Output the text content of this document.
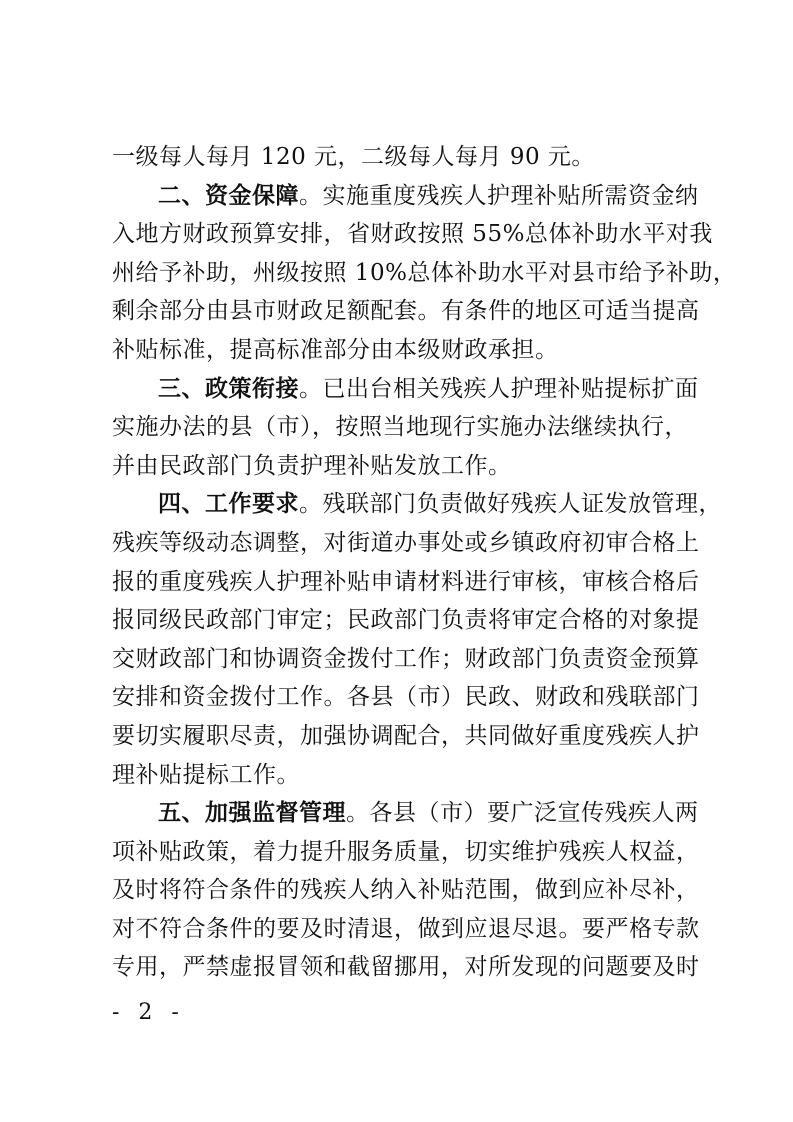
一级每人每月 120 元，二级每人每月 90 元。
二、资金保障。实施重度残疾人护理补贴所需资金纳
入地方财政预算安排，省财政按照 55%总体补助水平对我
州给予补助，州级按照 10%总体补助水平对县市给予补助，
剩余部分由县市财政足额配套。有条件的地区可适当提高
补贴标准，提高标准部分由本级财政承担。
三、政策衔接。已出台相关残疾人护理补贴提标扩面
实施办法的县（市），按照当地现行实施办法继续执行，
并由民政部门负责护理补贴发放工作。
四、工作要求。残联部门负责做好残疾人证发放管理，
残疾等级动态调整，对街道办事处或乡镇政府初审合格上
报的重度残疾人护理补贴申请材料进行审核，审核合格后
报同级民政部门审定；民政部门负责将审定合格的对象提
交财政部门和协调资金拨付工作；财政部门负责资金预算
安排和资金拨付工作。各县（市）民政、财政和残联部门
要切实履职尽责，加强协调配合，共同做好重度残疾人护
理补贴提标工作。
五、加强监督管理。各县（市）要广泛宣传残疾人两
项补贴政策，着力提升服务质量，切实维护残疾人权益，
及时将符合条件的残疾人纳入补贴范围，做到应补尽补，
对不符合条件的要及时清退，做到应退尽退。要严格专款
专用，严禁虚报冒领和截留挪用，对所发现的问题要及时
- 2 -
